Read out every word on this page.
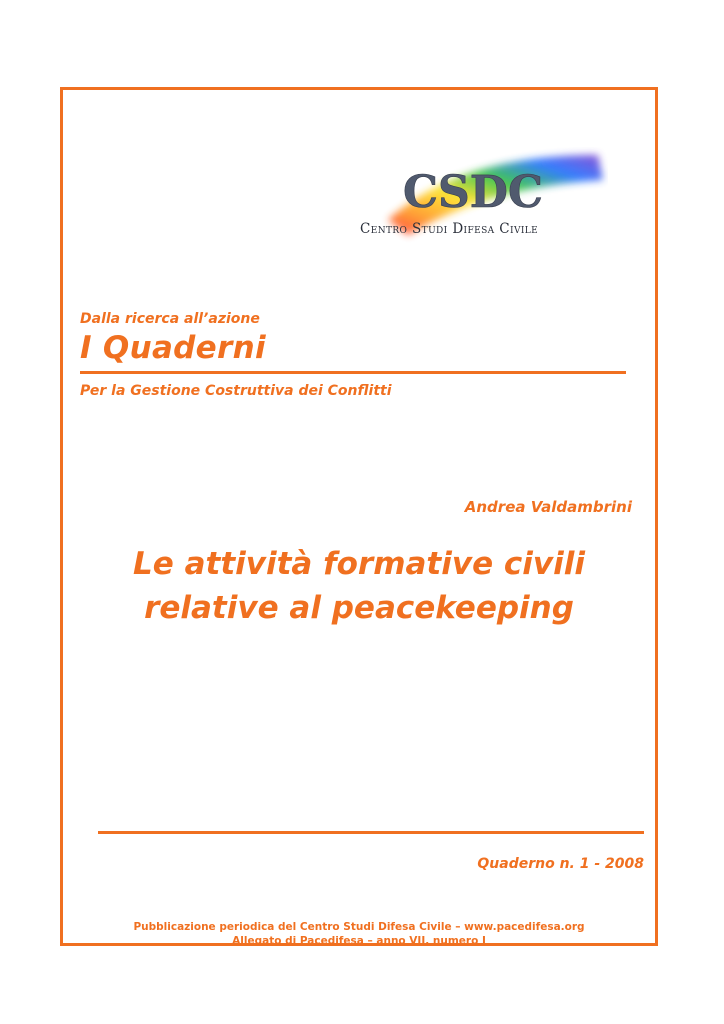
CSDC
Centro Studi Difesa Civile
Dalla ricerca all’azione
I Quaderni
Per la Gestione Costruttiva dei Conflitti
Andrea Valdambrini
Le attività formative civili
relative al peacekeeping
Quaderno n. 1 - 2008
Pubblicazione periodica del Centro Studi Difesa Civile – www.pacedifesa.org
Allegato di Pacedifesa – anno VII, numero I
